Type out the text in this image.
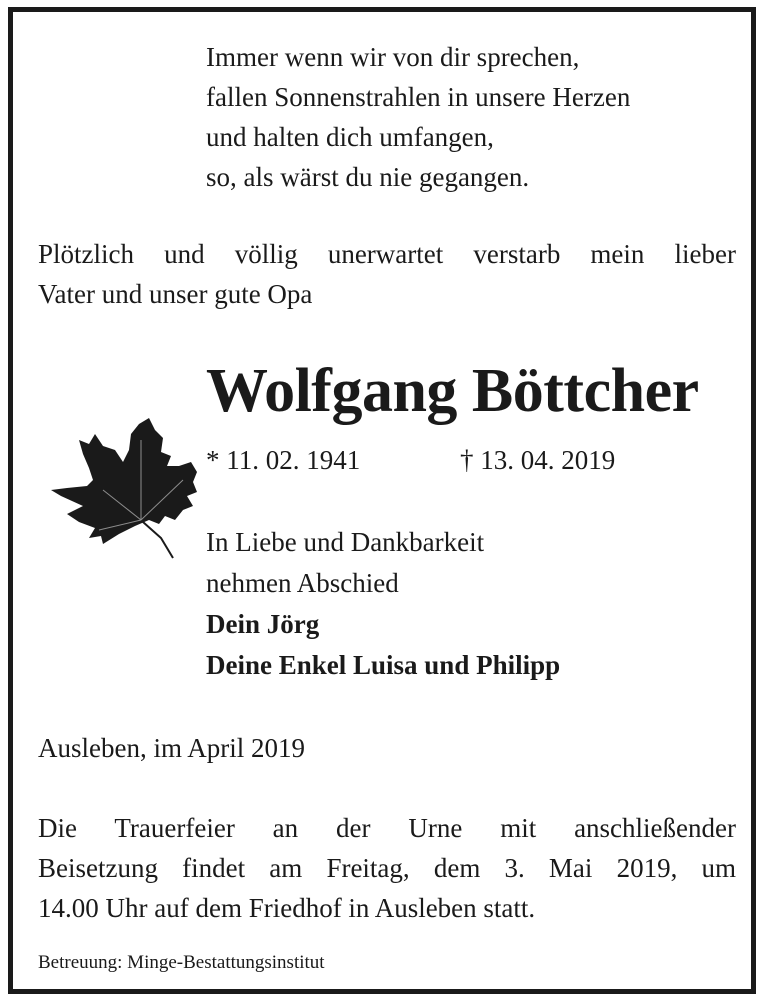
Immer wenn wir von dir sprechen,
fallen Sonnenstrahlen in unsere Herzen
und halten dich umfangen,
so, als wärst du nie gegangen.
Plötzlich und völlig unerwartet verstarb mein lieber
Vater und unser gute Opa
Wolfgang Böttcher
* 11. 02. 1941	† 13. 04. 2019
In Liebe und Dankbarkeit
nehmen Abschied
Dein Jörg
Deine Enkel Luisa und Philipp
Ausleben, im April 2019
Die Trauerfeier an der Urne mit anschließender
Beisetzung findet am Freitag, dem 3. Mai 2019, um
14.00 Uhr auf dem Friedhof in Ausleben statt.
Betreuung: Minge-Bestattungsinstitut
